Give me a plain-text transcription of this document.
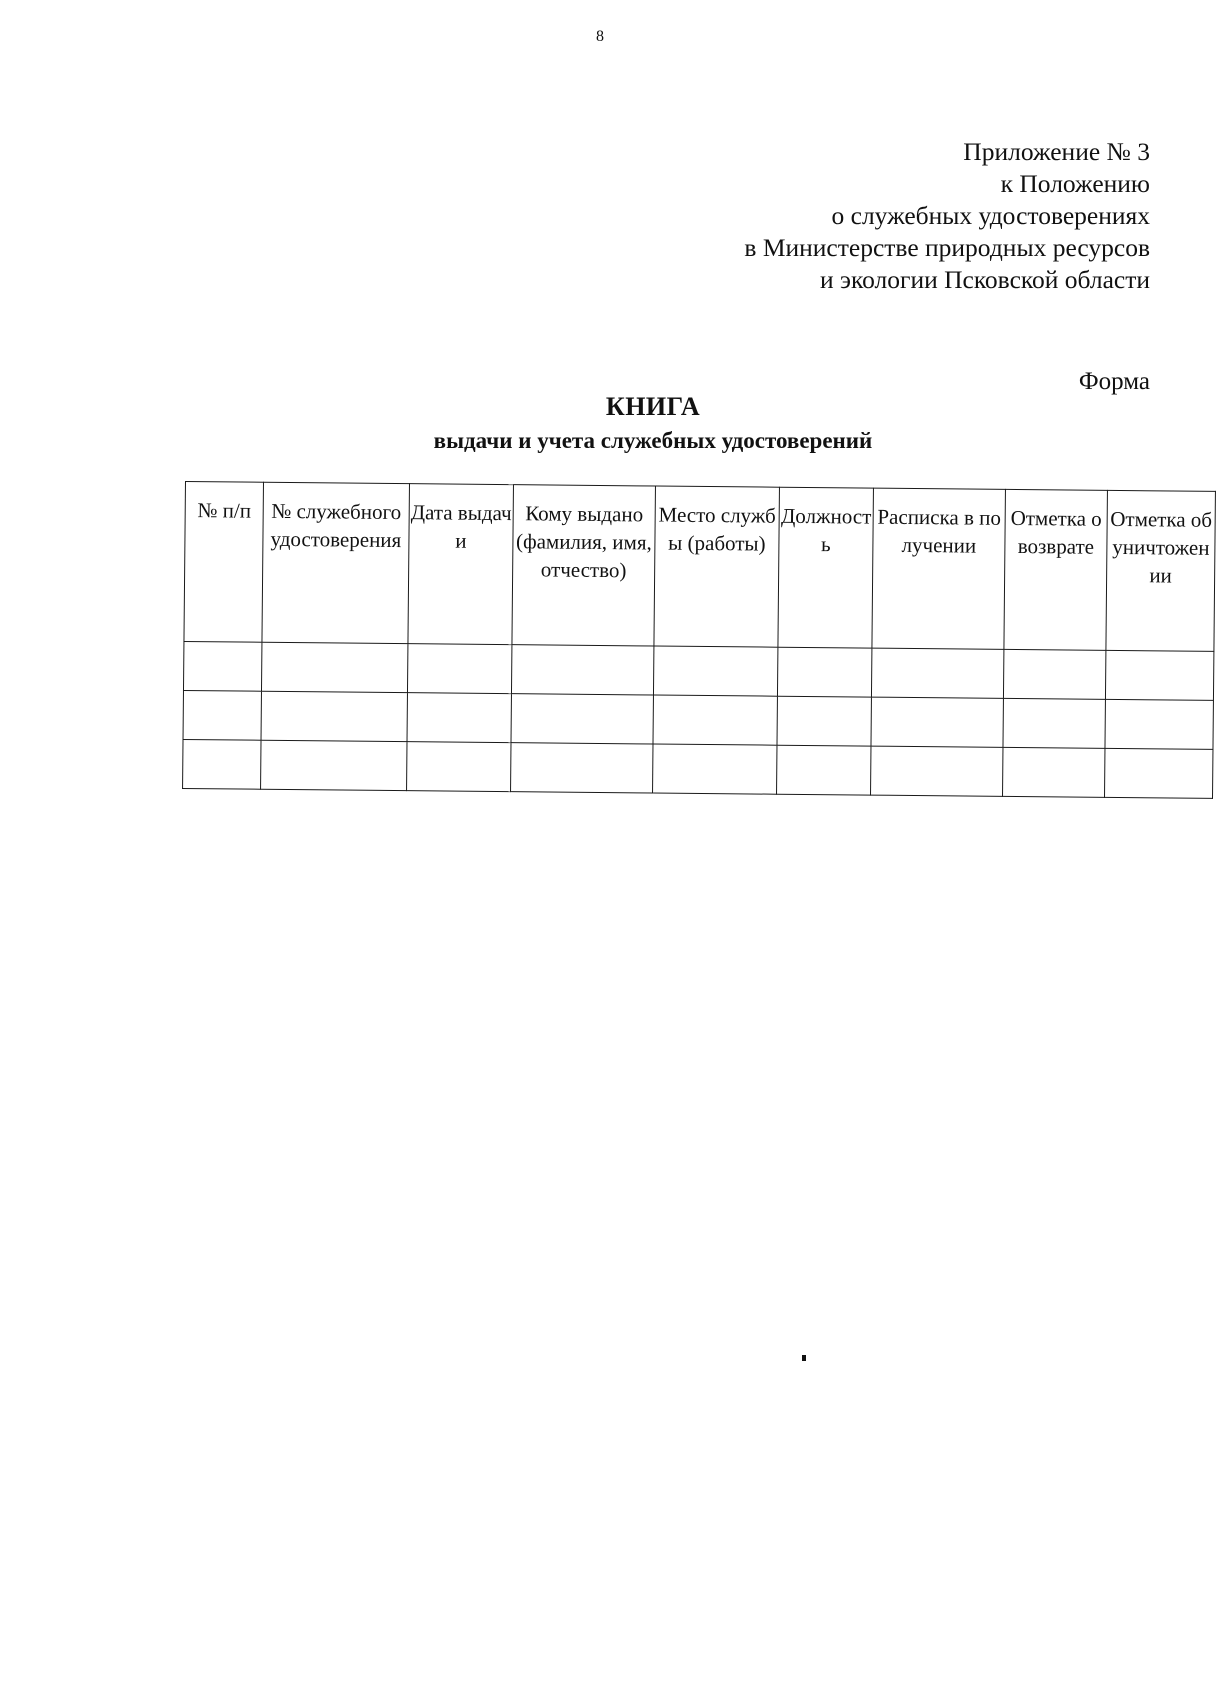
8
Приложение № 3
к Положению
о служебных удостоверениях
в Министерстве природных ресурсов
и экологии Псковской области
Форма
КНИГА
выдачи и учета служебных удостоверений
№ п/п	№ служебного удостоверения	Дата выдачи	Кому выдано (фамилия, имя, отчество)	Место службы (работы)	Должность	Расписка в получении	Отметка о возврате	Отметка об уничтожении
